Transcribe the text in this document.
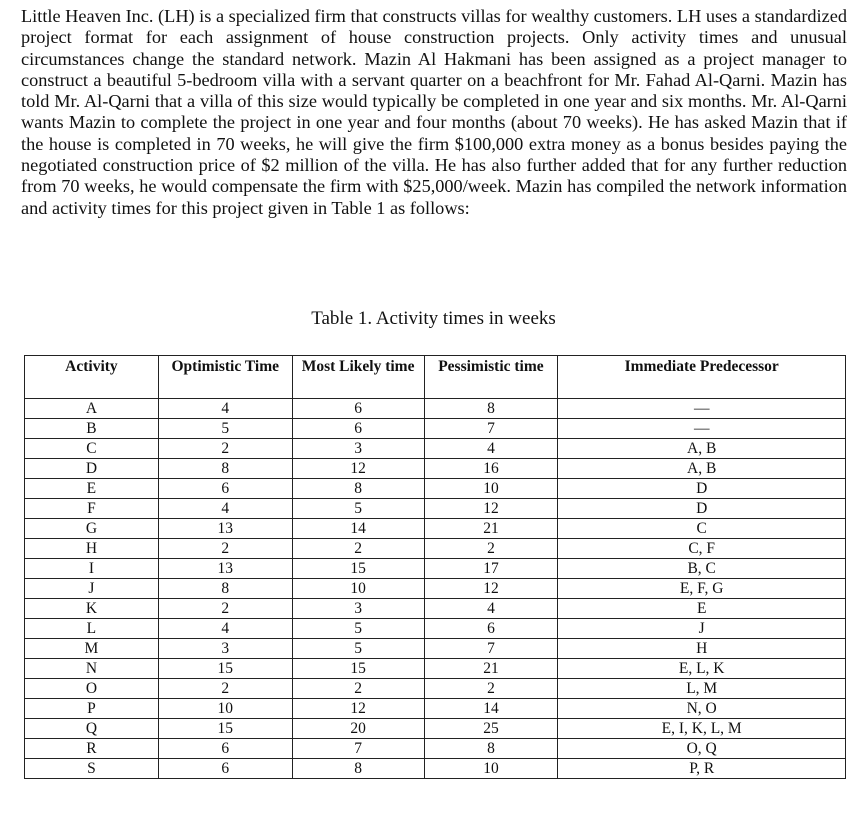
Little Heaven Inc. (LH) is a specialized firm that constructs villas for wealthy customers. LH uses a standardized project format for each assignment of house construction projects. Only activity times and unusual circumstances change the standard network. Mazin Al Hakmani has been assigned as a project manager to construct a beautiful 5-bedroom villa with a servant quarter on a beachfront for Mr. Fahad Al-Qarni. Mazin has told Mr. Al-Qarni that a villa of this size would typically be completed in one year and six months. Mr. Al-Qarni wants Mazin to complete the project in one year and four months (about 70 weeks). He has asked Mazin that if the house is completed in 70 weeks, he will give the firm $100,000 extra money as a bonus besides paying the negotiated construction price of $2 million of the villa. He has also further added that for any further reduction from 70 weeks, he would compensate the firm with $25,000/week. Mazin has compiled the network information and activity times for this project given in Table 1 as follows:

Table 1. Activity times in weeks

Activity	Optimistic Time	Most Likely time	Pessimistic time	Immediate Predecessor
A	4	6	8	—
B	5	6	7	—
C	2	3	4	A, B
D	8	12	16	A, B
E	6	8	10	D
F	4	5	12	D
G	13	14	21	C
H	2	2	2	C, F
I	13	15	17	B, C
J	8	10	12	E, F, G
K	2	3	4	E
L	4	5	6	J
M	3	5	7	H
N	15	15	21	E, L, K
O	2	2	2	L, M
P	10	12	14	N, O
Q	15	20	25	E, I, K, L, M
R	6	7	8	O, Q
S	6	8	10	P, R
